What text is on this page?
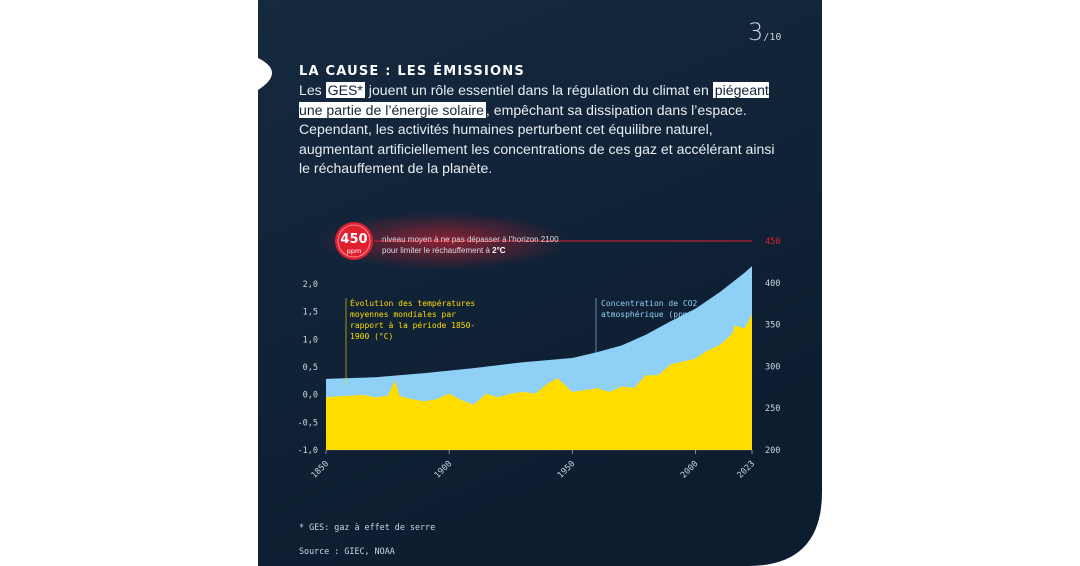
2,0
1,5
1,0
0,5
0,0
-0,5
-1,0
450
400
350
300
250
200
1850	1900	1950	2000	2023
450
ppm
3/10
LA CAUSE : LES ÉMISSIONS
Les GES* jouent un rôle essentiel dans la régulation du climat en piégeant une partie de l’énergie solaire , empêchant sa dissipation dans l’espace. Cependant, les activités humaines perturbent cet équilibre naturel, augmentant artificiellement les concentrations de ces gaz et accélérant ainsi le réchauffement de la planète.
niveau moyen à ne pas dépasser à l’horizon 2100 pour limiter le réchauffement à 2°C
Évolution des températures moyennes mondiales par rapport à la période 1850-1900 (°C)
Concentration de CO2 atmosphérique (ppm)
* GES: gaz à effet de serre
Source : GIEC, NOAA
